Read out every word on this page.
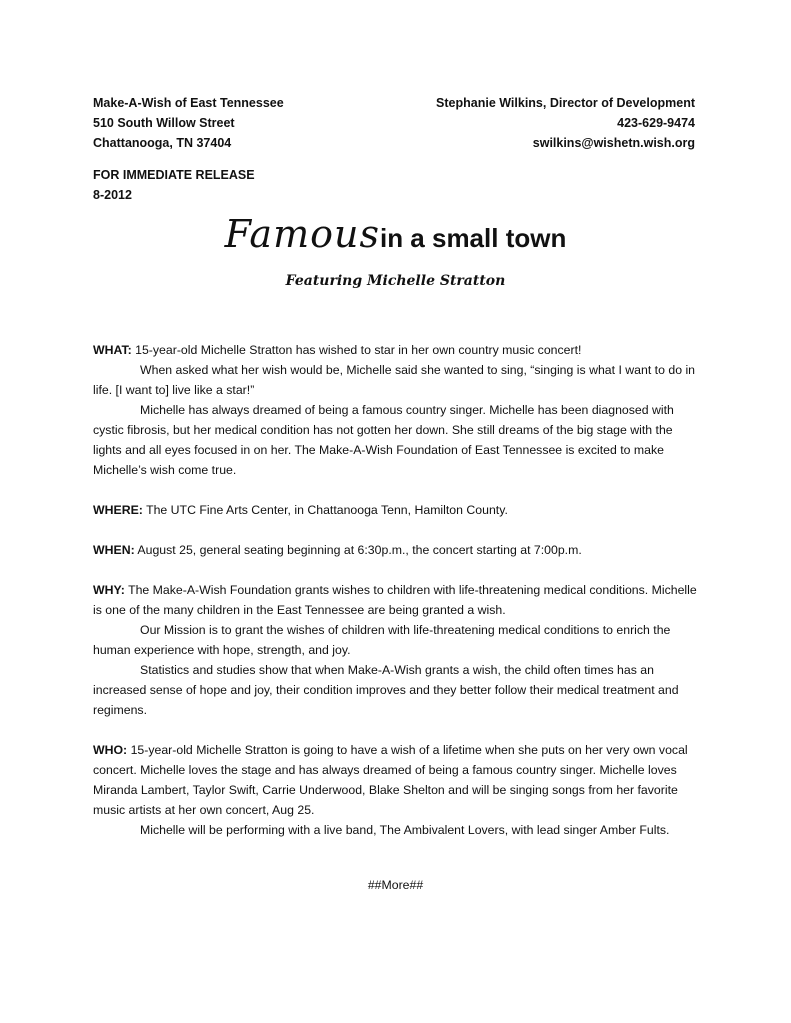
Make-A-Wish of East Tennessee
510 South Willow Street
Chattanooga, TN 37404
Stephanie Wilkins, Director of Development
423-629-9474
swilkins@wishetn.wish.org
FOR IMMEDIATE RELEASE
8-2012
Famousin a small town
Featuring Michelle Stratton

WHAT: 15-year-old Michelle Stratton has wished to star in her own country music concert!

When asked what her wish would be, Michelle said she wanted to sing, “singing is what I want to do in life. [I want to] live like a star!”

Michelle has always dreamed of being a famous country singer. Michelle has been diagnosed with cystic fibrosis, but her medical condition has not gotten her down. She still dreams of the big stage with the lights and all eyes focused in on her. The Make-A-Wish Foundation of East Tennessee is excited to make Michelle’s wish come true.

WHERE: The UTC Fine Arts Center, in Chattanooga Tenn, Hamilton County.

WHEN: August 25, general seating beginning at 6:30p.m., the concert starting at 7:00p.m.

WHY: The Make-A-Wish Foundation grants wishes to children with life-threatening medical conditions. Michelle is one of the many children in the East Tennessee are being granted a wish.

Our Mission is to grant the wishes of children with life-threatening medical conditions to enrich the human experience with hope, strength, and joy.

Statistics and studies show that when Make-A-Wish grants a wish, the child often times has an increased sense of hope and joy, their condition improves and they better follow their medical treatment and regimens.

WHO: 15-year-old Michelle Stratton is going to have a wish of a lifetime when she puts on her very own vocal concert. Michelle loves the stage and has always dreamed of being a famous country singer. Michelle loves Miranda Lambert, Taylor Swift, Carrie Underwood, Blake Shelton and will be singing songs from her favorite music artists at her own concert, Aug 25.

Michelle will be performing with a live band, The Ambivalent Lovers, with lead singer Amber Fults.

##More##
